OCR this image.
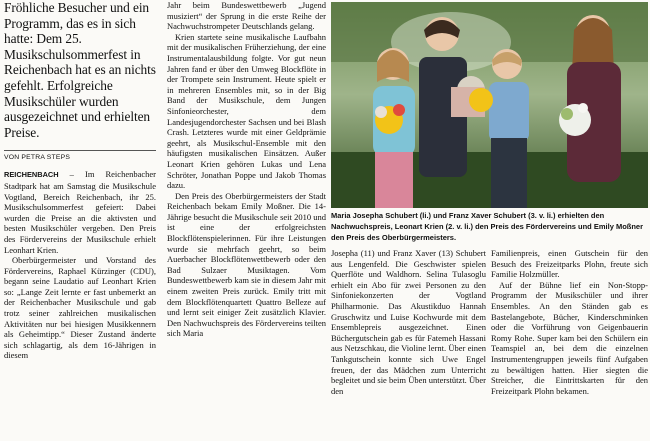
Fröhliche Besucher und ein Programm, das es in sich hatte: Dem 25. Musikschulsommerfest in Reichenbach hat es an nichts gefehlt. Erfolgreiche Musikschüler wurden ausgezeichnet und erhielten Preise.

VON PETRA STEPS

REICHENBACH – Im Reichenbacher Stadtpark hat am Samstag die Musikschule Vogtland, Bereich Reichenbach, ihr 25. Musikschulsommerfest gefeiert: Dabei wurden die Preise an die aktivsten und besten Musikschüler vergeben. Den Preis des Fördervereins der Musikschule erhielt Leonhart Krien.

Oberbürgermeister und Vorstand des Fördervereins, Raphael Kürzinger (CDU), begann seine Laudatio auf Leonhart Krien so: „Lange Zeit lernte er fast unbemerkt an der Reichenbacher Musikschule und gab trotz seiner zahlreichen musikalischen Aktivitäten nur bei hiesigen Musikkennern als Geheimtipp.“ Dieser Zustand änderte sich schlagartig, als dem 16-Jährigen in diesem

Jahr beim Bundeswettbewerb „Jugend musiziert“ der Sprung in die erste Reihe der Nachwuchstrompeter Deutschlands gelang.

Krien startete seine musikalische Laufbahn mit der musikalischen Früherziehung, der eine Instrumentalausbildung folgte. Vor gut neun Jahren fand er über den Umweg Blockflöte in der Trompete sein Instrument. Heute spielt er in mehreren Ensembles mit, so in der Big Band der Musikschule, dem Jungen Sinfonieorchester, dem Landesjugendorchester Sachsen und bei Blash Crash. Letzteres wurde mit einer Geldprämie geehrt, als Musikschul-Ensemble mit den häufigsten musikalischen Einsätzen. Außer Leonart Krien gehören Lukas und Lena Schröter, Jonathan Poppe und Jakob Thomas dazu.

Den Preis des Oberbürgermeisters der Stadt Reichenbach bekam Emily Moßner. Die 14-Jährige besucht die Musikschule seit 2010 und ist eine der erfolgreichsten Blockflötenspielerinnen. Für ihre Leistungen wurde sie mehrfach geehrt, so beim Auerbacher Blockflötenwettbewerb oder den Bad Sulzaer Musiktagen. Vom Bundeswettbewerb kam sie in diesem Jahr mit einem zweiten Preis zurück. Emily tritt mit dem Blockflötenquartett Quattro Belleze auf und lernt seit einiger Zeit zusätzlich Klavier. Den Nachwuchspreis des Fördervereins teilten sich Maria

Maria Josepha Schubert (li.) und Franz Xaver Schubert (3. v. li.) erhielten den Nachwuchspreis, Leonart Krien (2. v. li.) den Preis des Fördervereins und Emily Moßner den Preis des Oberbürgermeisters.

Josepha (11) und Franz Xaver (13) Schubert aus Lengenfeld. Die Geschwister spielen Querflöte und Waldhorn. Selina Tulasoglu erhielt ein Abo für zwei Personen zu den Sinfoniekonzerten der Vogtland Philharmonie. Das Akustikduo Hannah Gruschwitz und Luise Kochwurde mit dem Ensemblepreis ausgezeichnet. Einen Büchergutschein gab es für Fatemeh Hassani aus Netzschkau, die Violine lernt. Über einen Tankgutschein konnte sich Uwe Engel freuen, der das Mädchen zum Unterricht begleitet und sie beim Üben unterstützt. Über den

Familienpreis, einen Gutschein für den Besuch des Freizeitparks Plohn, freute sich Familie Holzmüller.

Auf der Bühne lief ein Non-Stopp-Programm der Musikschüler und ihrer Ensembles. An den Ständen gab es Bastelangebote, Bücher, Kinderschminken oder die Vorführung von Geigenbauerin Romy Rohe. Super kam bei den Schülern ein Teamspiel an, bei dem die einzelnen Instrumentengruppen jeweils fünf Aufgaben zu bewältigen hatten. Hier siegten die Streicher, die Eintrittskarten für den Freizeitpark Plohn bekamen.
